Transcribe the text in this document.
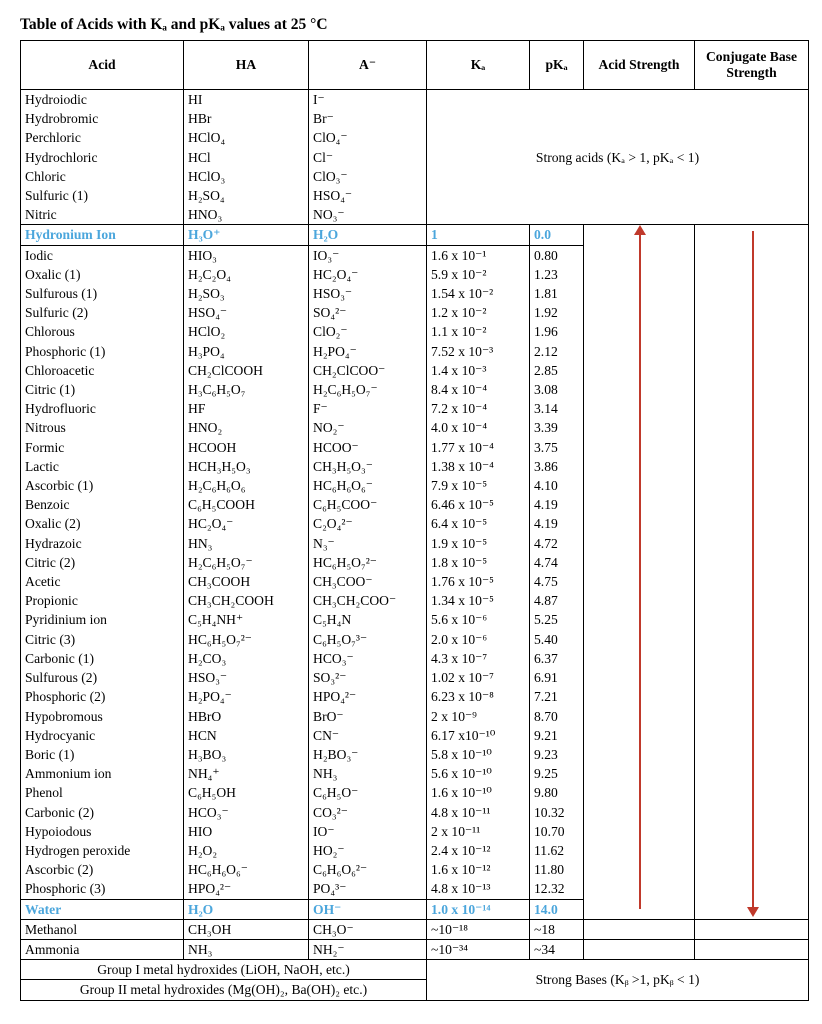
Table of Acids with Kₐ and pKₐ values at 25 °C
Acid	HA	A⁻	Kₐ	pKₐ	Acid Strength	Conjugate Base Strength
Hydroiodic	HI	I⁻	Strong acids (Kₐ > 1, pKₐ < 1)			
Hydrobromic	HBr	Br⁻				
Perchloric	HClO₄	ClO₄⁻				
Hydrochloric	HCl	Cl⁻				
Chloric	HClO₃	ClO₃⁻				
Sulfuric (1)	H₂SO₄	HSO₄⁻				
Nitric	HNO₃	NO₃⁻				
Hydronium Ion	H₃O⁺	H₂O	1	0.0	

Iodic	HIO₃	IO₃⁻	1.6 x 10⁻¹	0.80		
Oxalic (1)	H₂C₂O₄	HC₂O₄⁻	5.9 x 10⁻²	1.23		
Sulfurous (1)	H₂SO₃	HSO₃⁻	1.54 x 10⁻²	1.81		
Sulfuric (2)	HSO₄⁻	SO₄²⁻	1.2 x 10⁻²	1.92		
Chlorous	HClO₂	ClO₂⁻	1.1 x 10⁻²	1.96		
Phosphoric (1)	H₃PO₄	H₂PO₄⁻	7.52 x 10⁻³	2.12		
Chloroacetic	CH₂ClCOOH	CH₂ClCOO⁻	1.4 x 10⁻³	2.85		
Citric (1)	H₃C₆H₅O₇	H₂C₆H₅O₇⁻	8.4 x 10⁻⁴	3.08		
Hydrofluoric	HF	F⁻	7.2 x 10⁻⁴	3.14		
Nitrous	HNO₂	NO₂⁻	4.0 x 10⁻⁴	3.39		
Formic	HCOOH	HCOO⁻	1.77 x 10⁻⁴	3.75		
Lactic	HCH₃H₅O₃	CH₃H₅O₃⁻	1.38 x 10⁻⁴	3.86		
Ascorbic (1)	H₂C₆H₆O₆	HC₆H₆O₆⁻	7.9 x 10⁻⁵	4.10		
Benzoic	C₆H₅COOH	C₆H₅COO⁻	6.46 x 10⁻⁵	4.19		
Oxalic (2)	HC₂O₄⁻	C₂O₄²⁻	6.4 x 10⁻⁵	4.19		
Hydrazoic	HN₃	N₃⁻	1.9 x 10⁻⁵	4.72		
Citric (2)	H₂C₆H₅O₇⁻	HC₆H₅O₇²⁻	1.8 x 10⁻⁵	4.74		
Acetic	CH₃COOH	CH₃COO⁻	1.76 x 10⁻⁵	4.75		
Propionic	CH₃CH₂COOH	CH₃CH₂COO⁻	1.34 x 10⁻⁵	4.87		
Pyridinium ion	C₅H₄NH⁺	C₅H₄N	5.6 x 10⁻⁶	5.25		
Citric (3)	HC₆H₅O₇²⁻	C₆H₅O₇³⁻	2.0 x 10⁻⁶	5.40		
Carbonic (1)	H₂CO₃	HCO₃⁻	4.3 x 10⁻⁷	6.37		
Sulfurous (2)	HSO₃⁻	SO₃²⁻	1.02 x 10⁻⁷	6.91		
Phosphoric (2)	H₂PO₄⁻	HPO₄²⁻	6.23 x 10⁻⁸	7.21		
Hypobromous	HBrO	BrO⁻	2 x 10⁻⁹	8.70		
Hydrocyanic	HCN	CN⁻	6.17 x10⁻¹⁰	9.21		
Boric (1)	H₃BO₃	H₂BO₃⁻	5.8 x 10⁻¹⁰	9.23		
Ammonium ion	NH₄⁺	NH₃	5.6 x 10⁻¹⁰	9.25		
Phenol	C₆H₅OH	C₆H₅O⁻	1.6 x 10⁻¹⁰	9.80		
Carbonic (2)	HCO₃⁻	CO₃²⁻	4.8 x 10⁻¹¹	10.32		
Hypoiodous	HIO	IO⁻	2 x 10⁻¹¹	10.70		
Hydrogen peroxide	H₂O₂	HO₂⁻	2.4 x 10⁻¹²	11.62		
Ascorbic (2)	HC₆H₆O₆⁻	C₆H₆O₆²⁻	1.6 x 10⁻¹²	11.80		
Phosphoric (3)	HPO₄²⁻	PO₄³⁻	4.8 x 10⁻¹³	12.32		
Water	H₂O	OH⁻	1.0 x 10⁻¹⁴	14.0		
Methanol	CH₃OH	CH₃O⁻	~10⁻¹⁸	~18		
Ammonia	NH₃	NH₂⁻	~10⁻³⁴	~34		
Group I metal hydroxides (LiOH, NaOH, etc.)			Strong Bases (Kᵦ >1, pKᵦ < 1)			
Group II metal hydroxides (Mg(OH)₂, Ba(OH)₂ etc.)						
